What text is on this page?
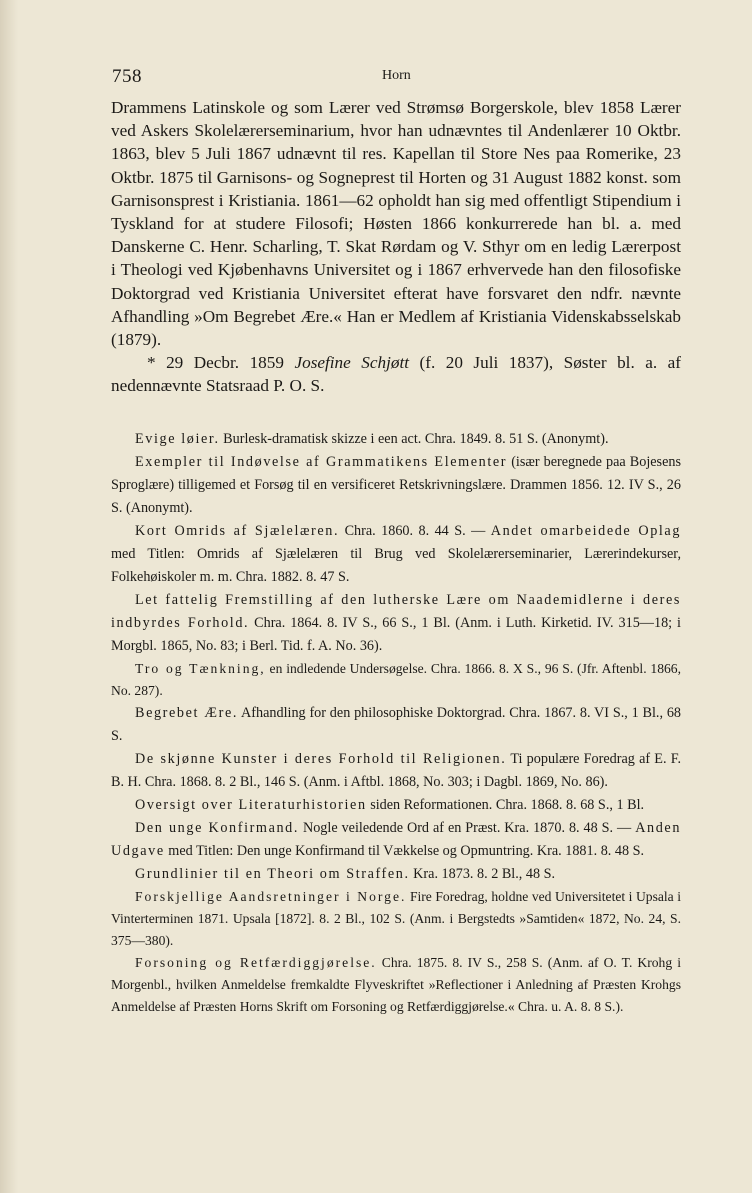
758	Horn

Drammens Latinskole og som Lærer ved Strømsø Borgerskole, blev 1858 Lærer ved Askers Skolelærerseminarium, hvor han udnævntes til Andenlærer 10 Oktbr. 1863, blev 5 Juli 1867 udnævnt til res. Kapellan til Store Nes paa Romerike, 23 Oktbr. 1875 til Garnisons- og Sogneprest til Horten og 31 August 1882 konst. som Garnisonsprest i Kristiania. 1861—62 opholdt han sig med offentligt Stipendium i Tyskland for at studere Filosofi; Høsten 1866 konkurrerede han bl. a. med Danskerne C. Henr. Scharling, T. Skat Rørdam og V. Sthyr om en ledig Lærerpost i Theologi ved Kjøbenhavns Universitet og i 1867 erhvervede han den filosofiske Doktorgrad ved Kristiania Universitet efterat have forsvaret den ndfr. nævnte Afhandling »Om Begrebet Ære.« Han er Medlem af Kristiania Videnskabsselskab (1879).

* 29 Decbr. 1859 Josefine Schjøtt (f. 20 Juli 1837), Søster bl. a. af nedennævnte Statsraad P. O. S.

Evige løier. Burlesk-dramatisk skizze i een act. Chra. 1849. 8. 51 S. (Anonymt).

Exempler til Indøvelse af Grammatikens Elementer (især beregnede paa Bojesens Sproglære) tilligemed et Forsøg til en versificeret Retskrivningslære. Drammen 1856. 12. IV S., 26 S. (Anonymt).

Kort Omrids af Sjælelæren. Chra. 1860. 8. 44 S. — Andet omarbeidede Oplag med Titlen: Omrids af Sjælelæren til Brug ved Skolelærerseminarier, Lærerindekurser, Folkehøiskoler m. m. Chra. 1882. 8. 47 S.

Let fattelig Fremstilling af den lutherske Lære om Naademidlerne i deres indbyrdes Forhold. Chra. 1864. 8. IV S., 66 S., 1 Bl. (Anm. i Luth. Kirketid. IV. 315—18; i Morgbl. 1865, No. 83; i Berl. Tid. f. A. No. 36).

Tro og Tænkning, en indledende Undersøgelse. Chra. 1866. 8. X S., 96 S. (Jfr. Aftenbl. 1866, No. 287).

Begrebet Ære. Afhandling for den philosophiske Doktorgrad. Chra. 1867. 8. VI S., 1 Bl., 68 S.

De skjønne Kunster i deres Forhold til Religionen. Ti populære Foredrag af E. F. B. H. Chra. 1868. 8. 2 Bl., 146 S. (Anm. i Aftbl. 1868, No. 303; i Dagbl. 1869, No. 86).

Oversigt over Literaturhistorien siden Reformationen. Chra. 1868. 8. 68 S., 1 Bl.

Den unge Konfirmand. Nogle veiledende Ord af en Præst. Kra. 1870. 8. 48 S. — Anden Udgave med Titlen: Den unge Konfirmand til Vækkelse og Opmuntring. Kra. 1881. 8. 48 S.

Grundlinier til en Theori om Straffen. Kra. 1873. 8. 2 Bl., 48 S.

Forskjellige Aandsretninger i Norge. Fire Foredrag, holdne ved Universitetet i Upsala i Vinterterminen 1871. Upsala [1872]. 8. 2 Bl., 102 S. (Anm. i Bergstedts »Samtiden« 1872, No. 24, S. 375—380).

Forsoning og Retfærdiggjørelse. Chra. 1875. 8. IV S., 258 S. (Anm. af O. T. Krohg i Morgenbl., hvilken Anmeldelse fremkaldte Flyveskriftet »Reflectioner i Anledning af Præsten Krohgs Anmeldelse af Præsten Horns Skrift om Forsoning og Retfærdiggjørelse.« Chra. u. A. 8. 8 S.).
